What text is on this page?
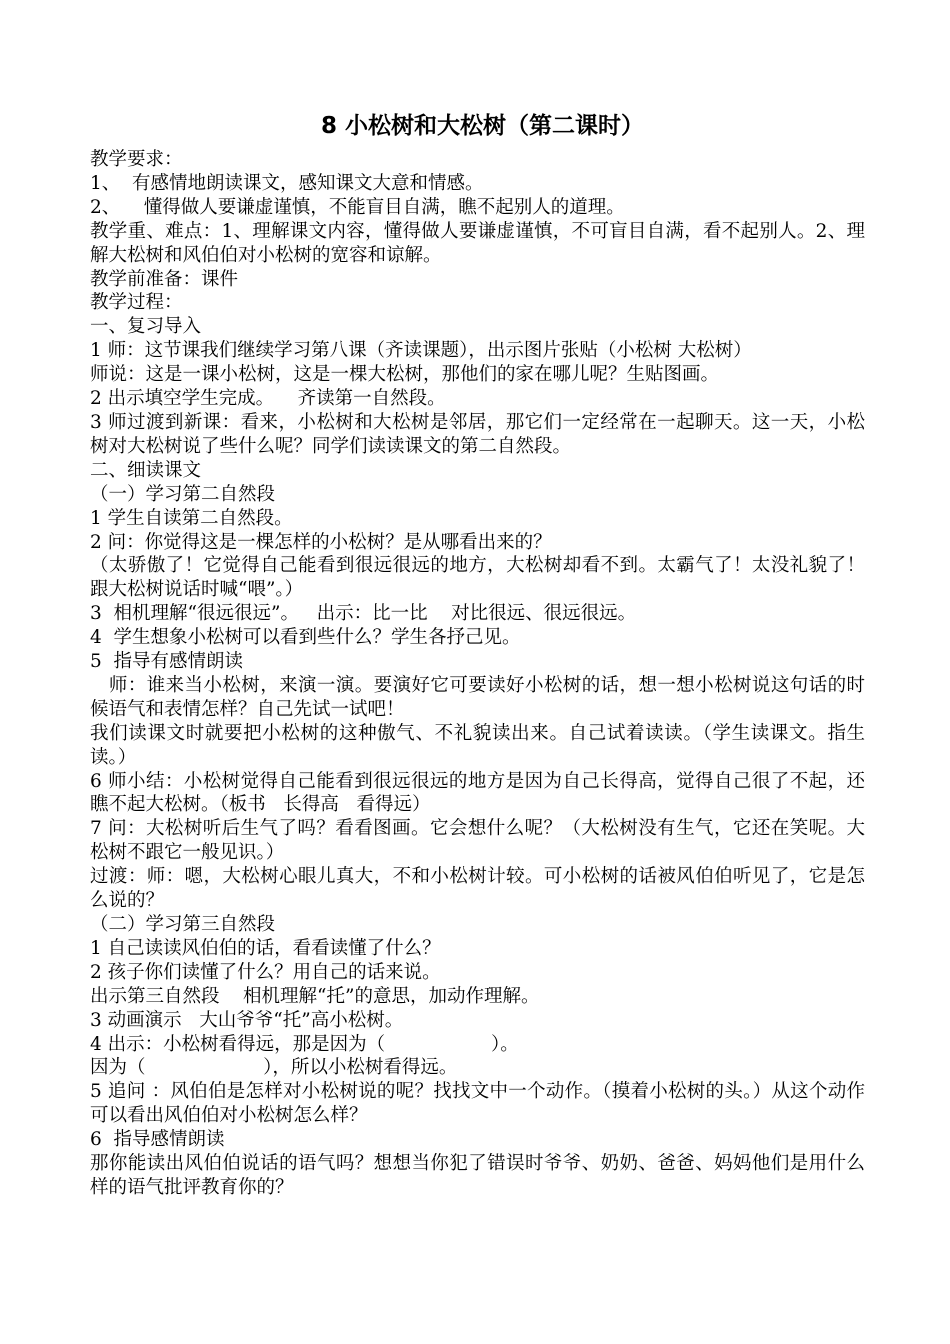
8 小松树和大松树（第二课时）

教学要求：

1、  有感情地朗读课文，感知课文大意和情感。

2、    懂得做人要谦虚谨慎，不能盲目自满，瞧不起别人的道理。

教学重、难点：1、理解课文内容，懂得做人要谦虚谨慎，不可盲目自满，看不起别人。2、理解大松树和风伯伯对小松树的宽容和谅解。

教学前准备：课件

教学过程：

一、复习导入

1 师：这节课我们继续学习第八课（齐读课题），出示图片张贴（小松树 大松树）

师说：这是一课小松树，这是一棵大松树，那他们的家在哪儿呢？生贴图画。

2 出示填空学生完成。    齐读第一自然段。

3 师过渡到新课：看来，小松树和大松树是邻居，那它们一定经常在一起聊天。这一天，小松树对大松树说了些什么呢？同学们读读课文的第二自然段。

二、细读课文

（一）学习第二自然段

1 学生自读第二自然段。

2 问：你觉得这是一棵怎样的小松树？是从哪看出来的？

（太骄傲了！它觉得自己能看到很远很远的地方，大松树却看不到。太霸气了！太没礼貌了！跟大松树说话时喊“喂”。）

3  相机理解“很远很远”。   出示：比一比    对比很远、很远很远。

4  学生想象小松树可以看到些什么？学生各抒己见。

5  指导有感情朗读

师：谁来当小松树，来演一演。要演好它可要读好小松树的话，想一想小松树说这句话的时候语气和表情怎样？自己先试一试吧！

我们读课文时就要把小松树的这种傲气、不礼貌读出来。自己试着读读。（学生读课文。指生读。）

6 师小结：小松树觉得自己能看到很远很远的地方是因为自己长得高，觉得自己很了不起，还瞧不起大松树。（板书   长得高   看得远）

7 问：大松树听后生气了吗？看看图画。它会想什么呢？（大松树没有生气，它还在笑呢。大松树不跟它一般见识。）

过渡：师：嗯，大松树心眼儿真大，不和小松树计较。可小松树的话被风伯伯听见了，它是怎么说的？

（二）学习第三自然段

1 自己读读风伯伯的话，看看读懂了什么？

2 孩子你们读懂了什么？用自己的话来说。

出示第三自然段    相机理解“托”的意思，加动作理解。

3 动画演示   大山爷爷“托”高小松树。

4 出示：小松树看得远，那是因为（                  ）。

因为（                    ），所以小松树看得远。

5 追问 ：风伯伯是怎样对小松树说的呢？找找文中一个动作。（摸着小松树的头。）从这个动作可以看出风伯伯对小松树怎么样？

6  指导感情朗读

那你能读出风伯伯说话的语气吗？想想当你犯了错误时爷爷、奶奶、爸爸、妈妈他们是用什么样的语气批评教育你的？
